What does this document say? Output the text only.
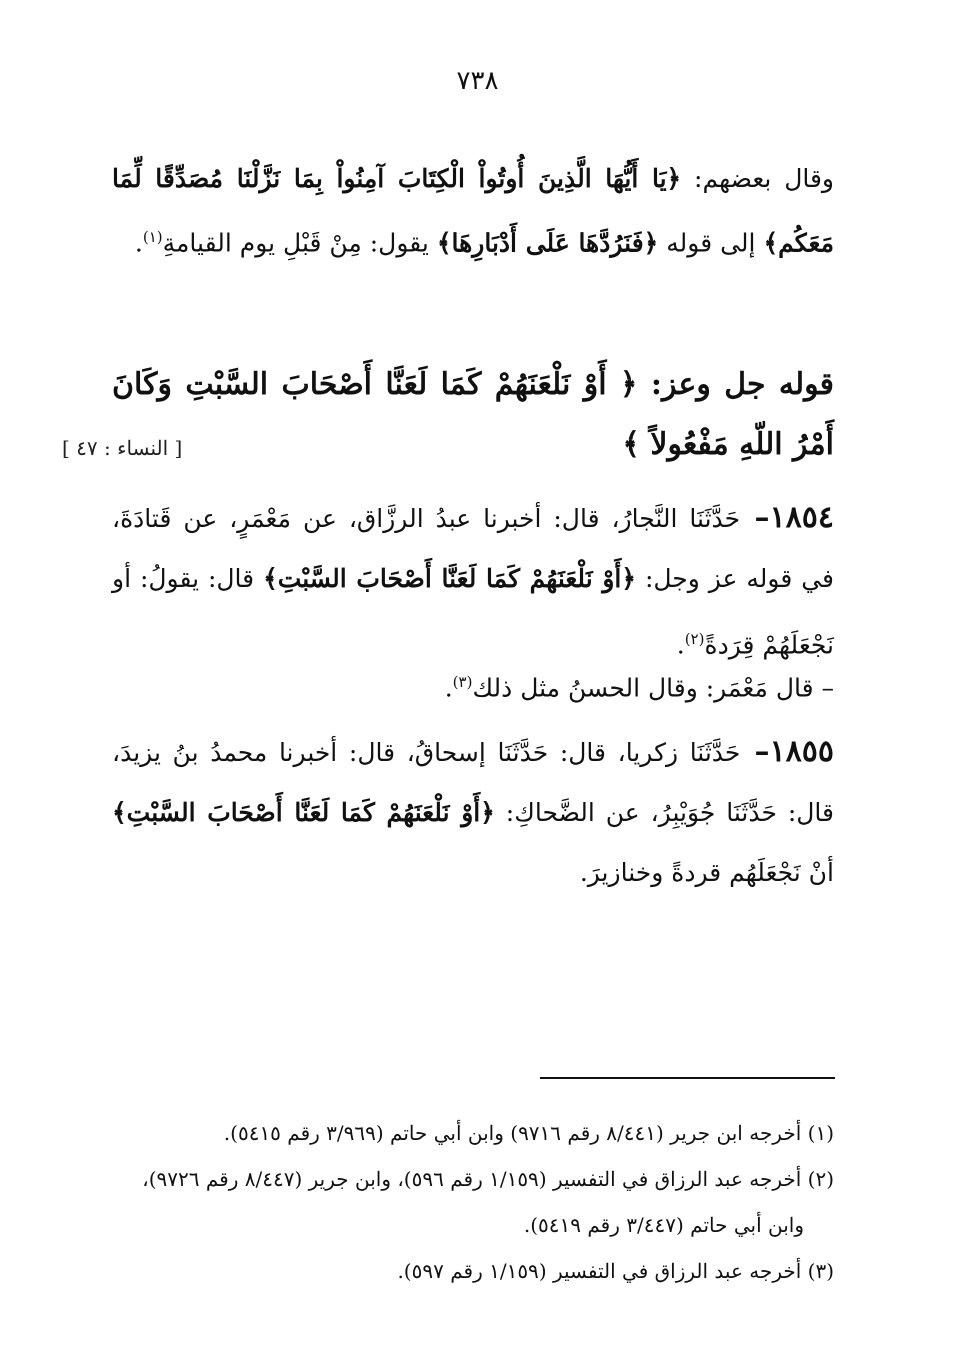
٧٣٨
وقال بعضهم: ﴿يَا أَيُّهَا الَّذِينَ أُوتُواْ الْكِتَابَ آمِنُواْ بِمَا نَزَّلْنَا مُصَدِّقًا لِّمَا مَعَكُم﴾ إلى قوله ﴿فَنَرُدَّهَا عَلَى أَدْبَارِهَا﴾ يقول: مِنْ قَبْلِ يوم القيامةِ$^{(١)}$.
قوله جل وعز: ﴿ أَوْ نَلْعَنَهُمْ كَمَا لَعَنَّا أَصْحَابَ السَّبْتِ وَكَانَ أَمْرُ اللّهِ مَفْعُولاً ﴾
[ النساء : ٤٧ ]
١٨٥٤– حَدَّثَنَا النَّجارُ، قال: أخبرنا عبدُ الرزَّاق، عن مَعْمَرٍ، عن قَتادَةَ، في قوله عز وجل: ﴿أَوْ نَلْعَنَهُمْ كَمَا لَعَنَّا أَصْحَابَ السَّبْتِ﴾ قال: يقولُ: أو نَجْعَلَهُمْ قِرَدةً$^{(٢)}$.
– قال مَعْمَر: وقال الحسنُ مثل ذلك$^{(٣)}$.
١٨٥٥– حَدَّثَنَا زكريا، قال: حَدَّثَنَا إسحاقُ، قال: أخبرنا محمدُ بنُ يزيدَ، قال: حَدَّثَنَا جُوَيْبِرُ، عن الضَّحاكِ: ﴿أَوْ نَلْعَنَهُمْ كَمَا لَعَنَّا أَصْحَابَ السَّبْتِ﴾ أنْ نَجْعَلَهُم قردةً وخنازيرَ.
(١) أخرجه ابن جرير (٨/٤٤١ رقم ٩٧١٦) وابن أبي حاتم (٣/٩٦٩ رقم ٥٤١٥).
(٢) أخرجه عبد الرزاق في التفسير (١/١٥٩ رقم ٥٩٦)، وابن جرير (٨/٤٤٧ رقم ٩٧٢٦)،
وابن أبي حاتم (٣/٤٤٧ رقم ٥٤١٩).
(٣) أخرجه عبد الرزاق في التفسير (١/١٥٩ رقم ٥٩٧).
